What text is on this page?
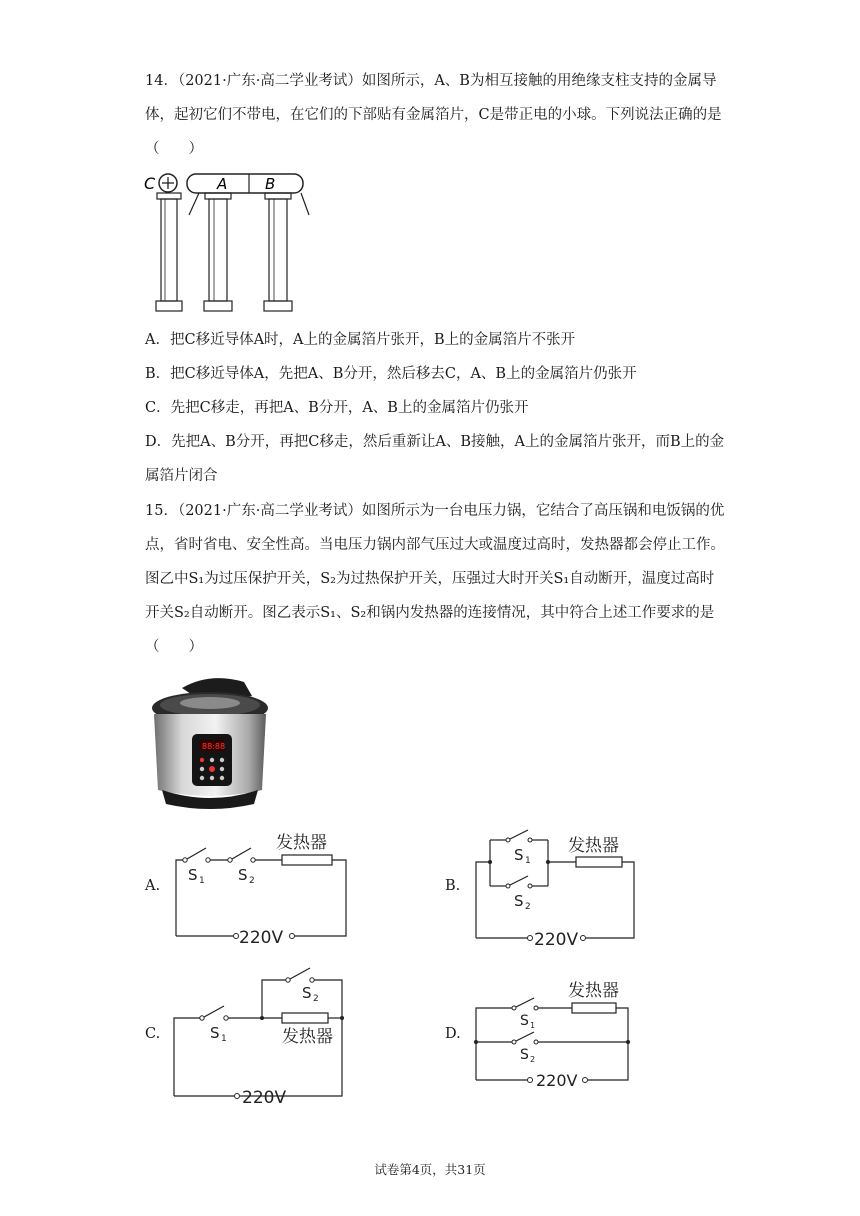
14．（2021·广东·高二学业考试）如图所示，A、B为相互接触的用绝缘支柱支持的金属导体，起初它们不带电，在它们的下部贴有金属箔片，C是带正电的小球。下列说法正确的是（　　）

C	A	B

A．把C移近导体A时，A上的金属箔片张开，B上的金属箔片不张开

B．把C移近导体A，先把A、B分开，然后移去C，A、B上的金属箔片仍张开

C．先把C移走，再把A、B分开，A、B上的金属箔片仍张开

D．先把A、B分开，再把C移走，然后重新让A、B接触，A上的金属箔片张开，而B上的金属箔片闭合

15．（2021·广东·高二学业考试）如图所示为一台电压力锅，它结合了高压锅和电饭锅的优点，省时省电、安全性高。当电压力锅内部气压过大或温度过高时，发热器都会停止工作。图乙中S₁为过压保护开关，S₂为过热保护开关，压强过大时开关S₁自动断开，温度过高时开关S₂自动断开。图乙表示S₁、S₂和锅内发热器的连接情况，其中符合上述工作要求的是（　　）

88:88
A.
发热器
220V
S 1 S 2	B.
发热器
220V
S 1
S 2
C.	发热器
220V
S 1
S 2
D.
发热器
220V
S 1
S 2
试卷第4页，共31页
